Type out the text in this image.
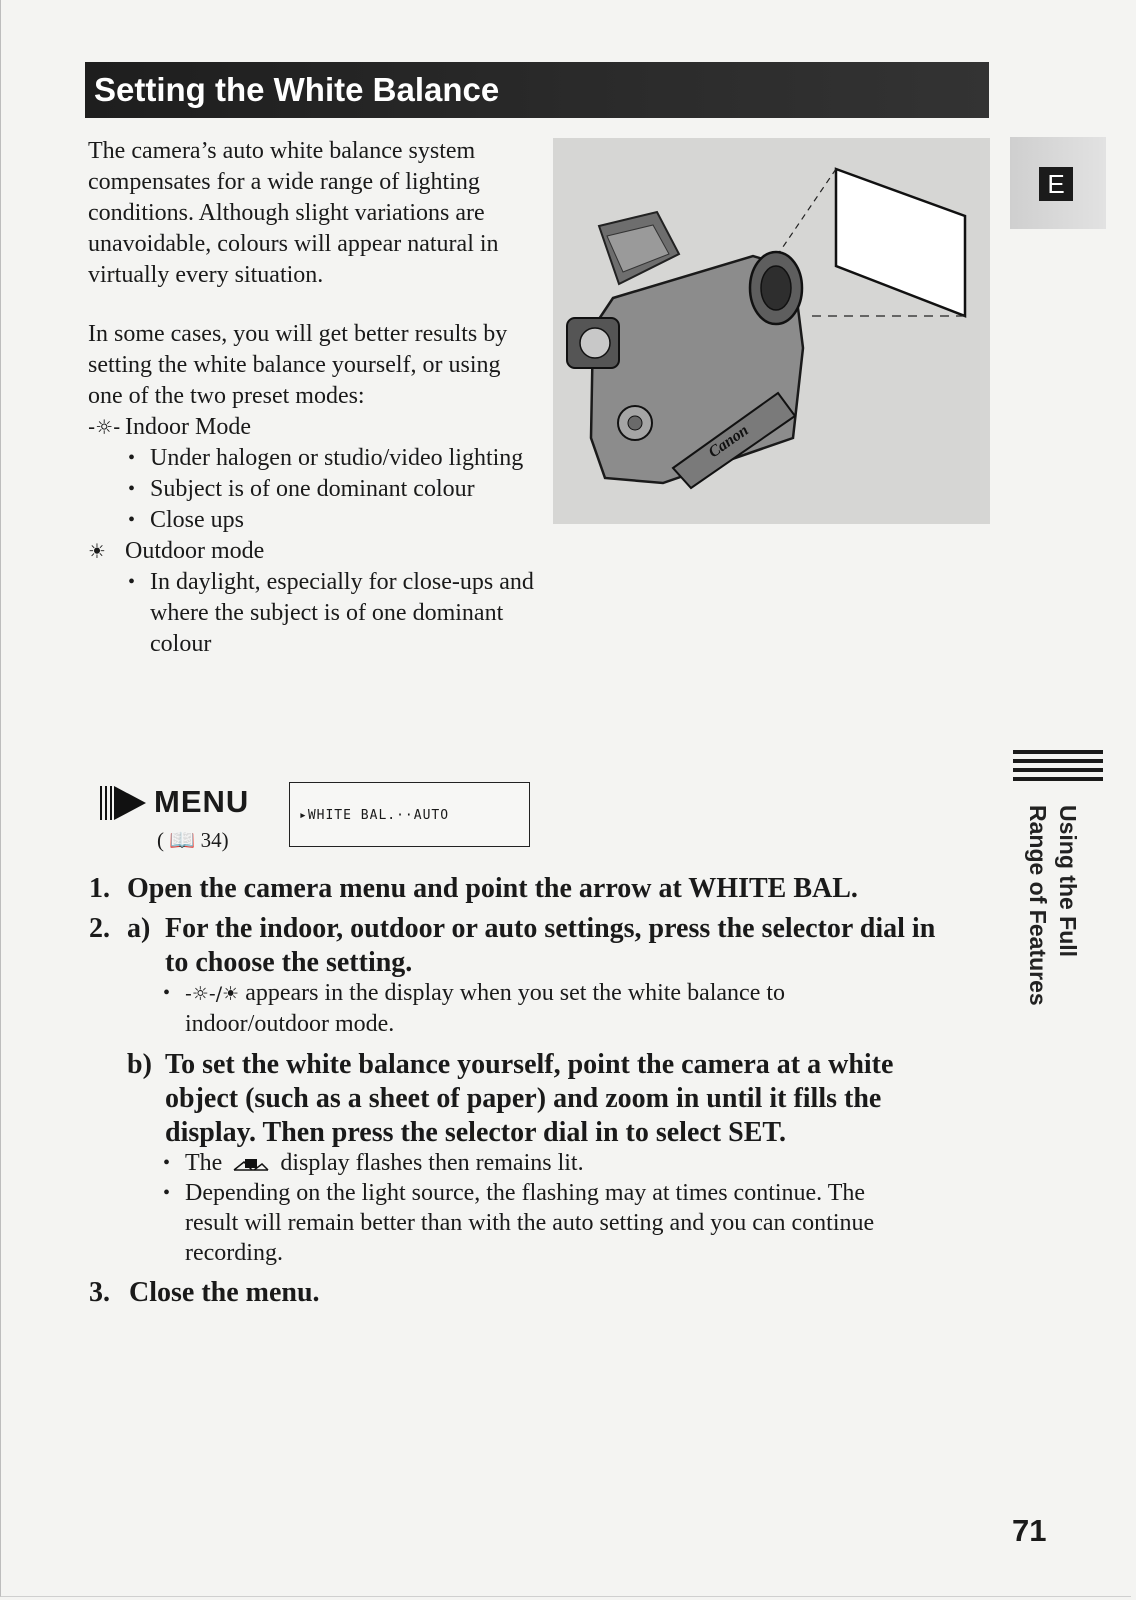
Setting the White Balance
E

The camera’s auto white balance system compensates for a wide range of lighting conditions. Although slight variations are unavoidable, colours will appear natural in virtually every situation.

In some cases, you will get better results by setting the white balance yourself, or using one of the two preset modes:

-☼- Indoor Mode
• Under halogen or studio/video lighting
• Subject is of one dominant colour
• Close ups
☀ Outdoor mode
• In daylight, especially for close-ups and where the subject is of one dominant colour
Canon
MENU
( 📖 34)
▸WHITE BAL.··AUTO
1. Open the camera menu and point the arrow at WHITE BAL.
2. a) For the indoor, outdoor or auto settings, press the selector dial in
to choose the setting.
• -☼-/☀ appears in the display when you set the white balance to
indoor/outdoor mode.
b) To set the white balance yourself, point the camera at a white
object (such as a sheet of paper) and zoom in until it fills the
display. Then press the selector dial in to select SET.
• The display flashes then remains lit.
• Depending on the light source, the flashing may at times continue. The
result will remain better than with the auto setting and you can continue
recording.
3. Close the menu.
Using the Full
Range of Features
71
